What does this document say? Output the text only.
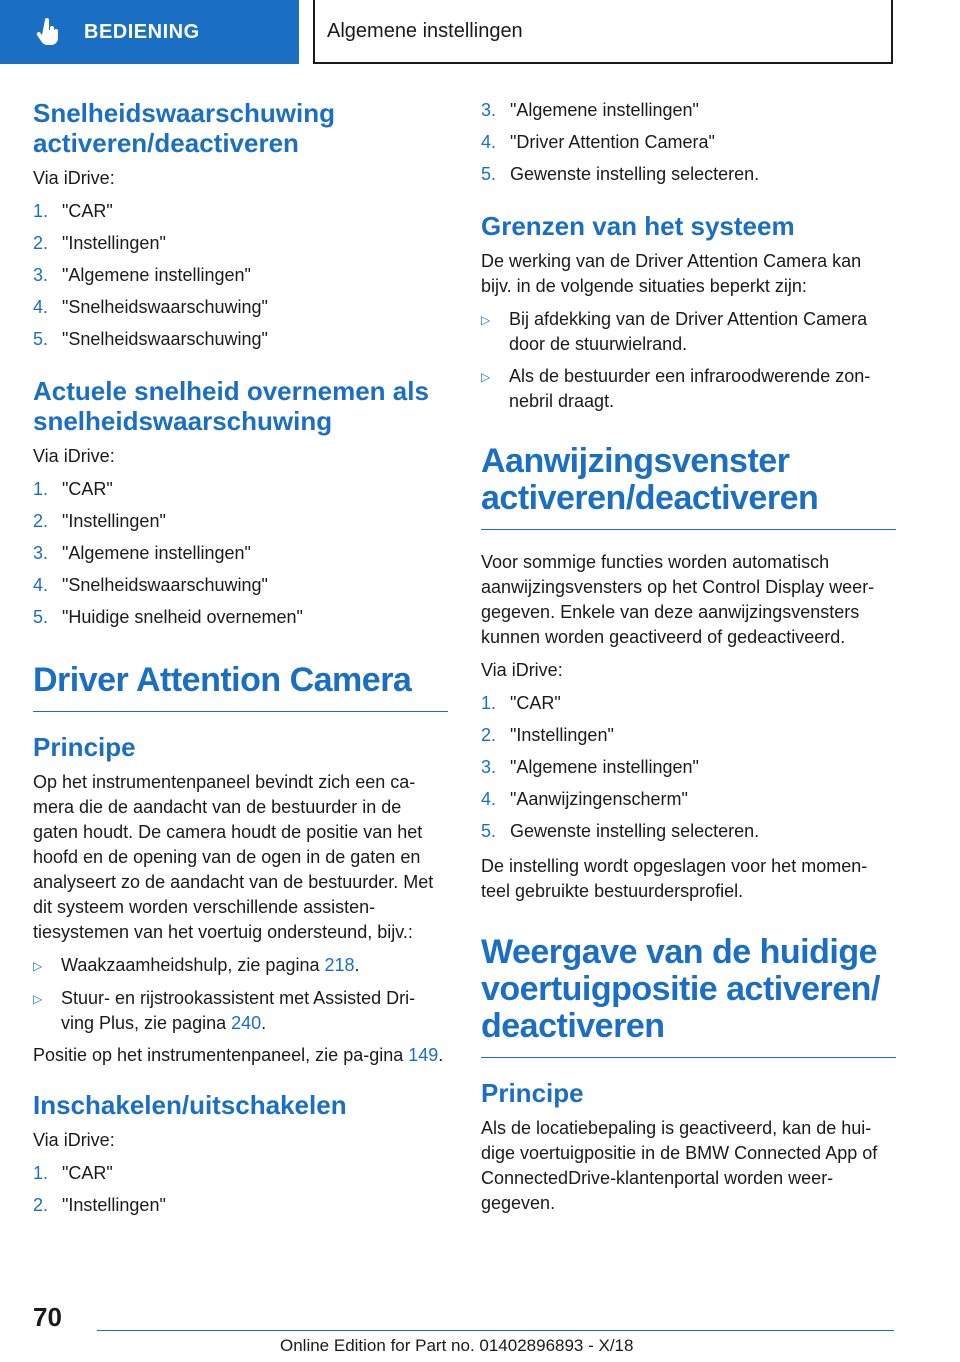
BEDIENING	Algemene instellingen
Snelheidswaarschuwing activeren/deactiveren
Via iDrive:
1. "CAR"
2. "Instellingen"
3. "Algemene instellingen"
4. "Snelheidswaarschuwing"
5. "Snelheidswaarschuwing"
Actuele snelheid overnemen als snelheidswaarschuwing
Via iDrive:
1. "CAR"
2. "Instellingen"
3. "Algemene instellingen"
4. "Snelheidswaarschuwing"
5. "Huidige snelheid overnemen"
Driver Attention Camera
Principe
Op het instrumentenpaneel bevindt zich een ca-mera die de aandacht van de bestuurder in de gaten houdt. De camera houdt de positie van het hoofd en de opening van de ogen in de gaten en analyseert zo de aandacht van de bestuurder. Met dit systeem worden verschillende assisten-tiesystemen van het voertuig ondersteund, bijv.:
▷	Waakzaamheidshulp, zie pagina 218.
▷	Stuur- en rijstrookassistent met Assisted Dri-ving Plus, zie pagina 240.
Positie op het instrumentenpaneel, zie pa-gina 149.
Inschakelen/uitschakelen
Via iDrive:
1. "CAR"
2. "Instellingen"
3. "Algemene instellingen"
4. "Driver Attention Camera"
5. Gewenste instelling selecteren.
Grenzen van het systeem
De werking van de Driver Attention Camera kan bijv. in de volgende situaties beperkt zijn:
▷	Bij afdekking van de Driver Attention Camera door de stuurwielrand.
▷	Als de bestuurder een infraroodwerende zon-nebril draagt.
Aanwijzingsvenster activeren/deactiveren
Voor sommige functies worden automatisch aanwijzingsvensters op het Control Display weer-gegeven. Enkele van deze aanwijzingsvensters kunnen worden geactiveerd of gedeactiveerd.
Via iDrive:
1. "CAR"
2. "Instellingen"
3. "Algemene instellingen"
4. "Aanwijzingenscherm"
5. Gewenste instelling selecteren.
De instelling wordt opgeslagen voor het momen-teel gebruikte bestuurdersprofiel.
Weergave van de huidige voertuigpositie activeren/ deactiveren
Principe
Als de locatiebepaling is geactiveerd, kan de hui-dige voertuigpositie in de BMW Connected App of ConnectedDrive-klantenportal worden weer-gegeven.
70
Online Edition for Part no. 01402896893 - X/18
